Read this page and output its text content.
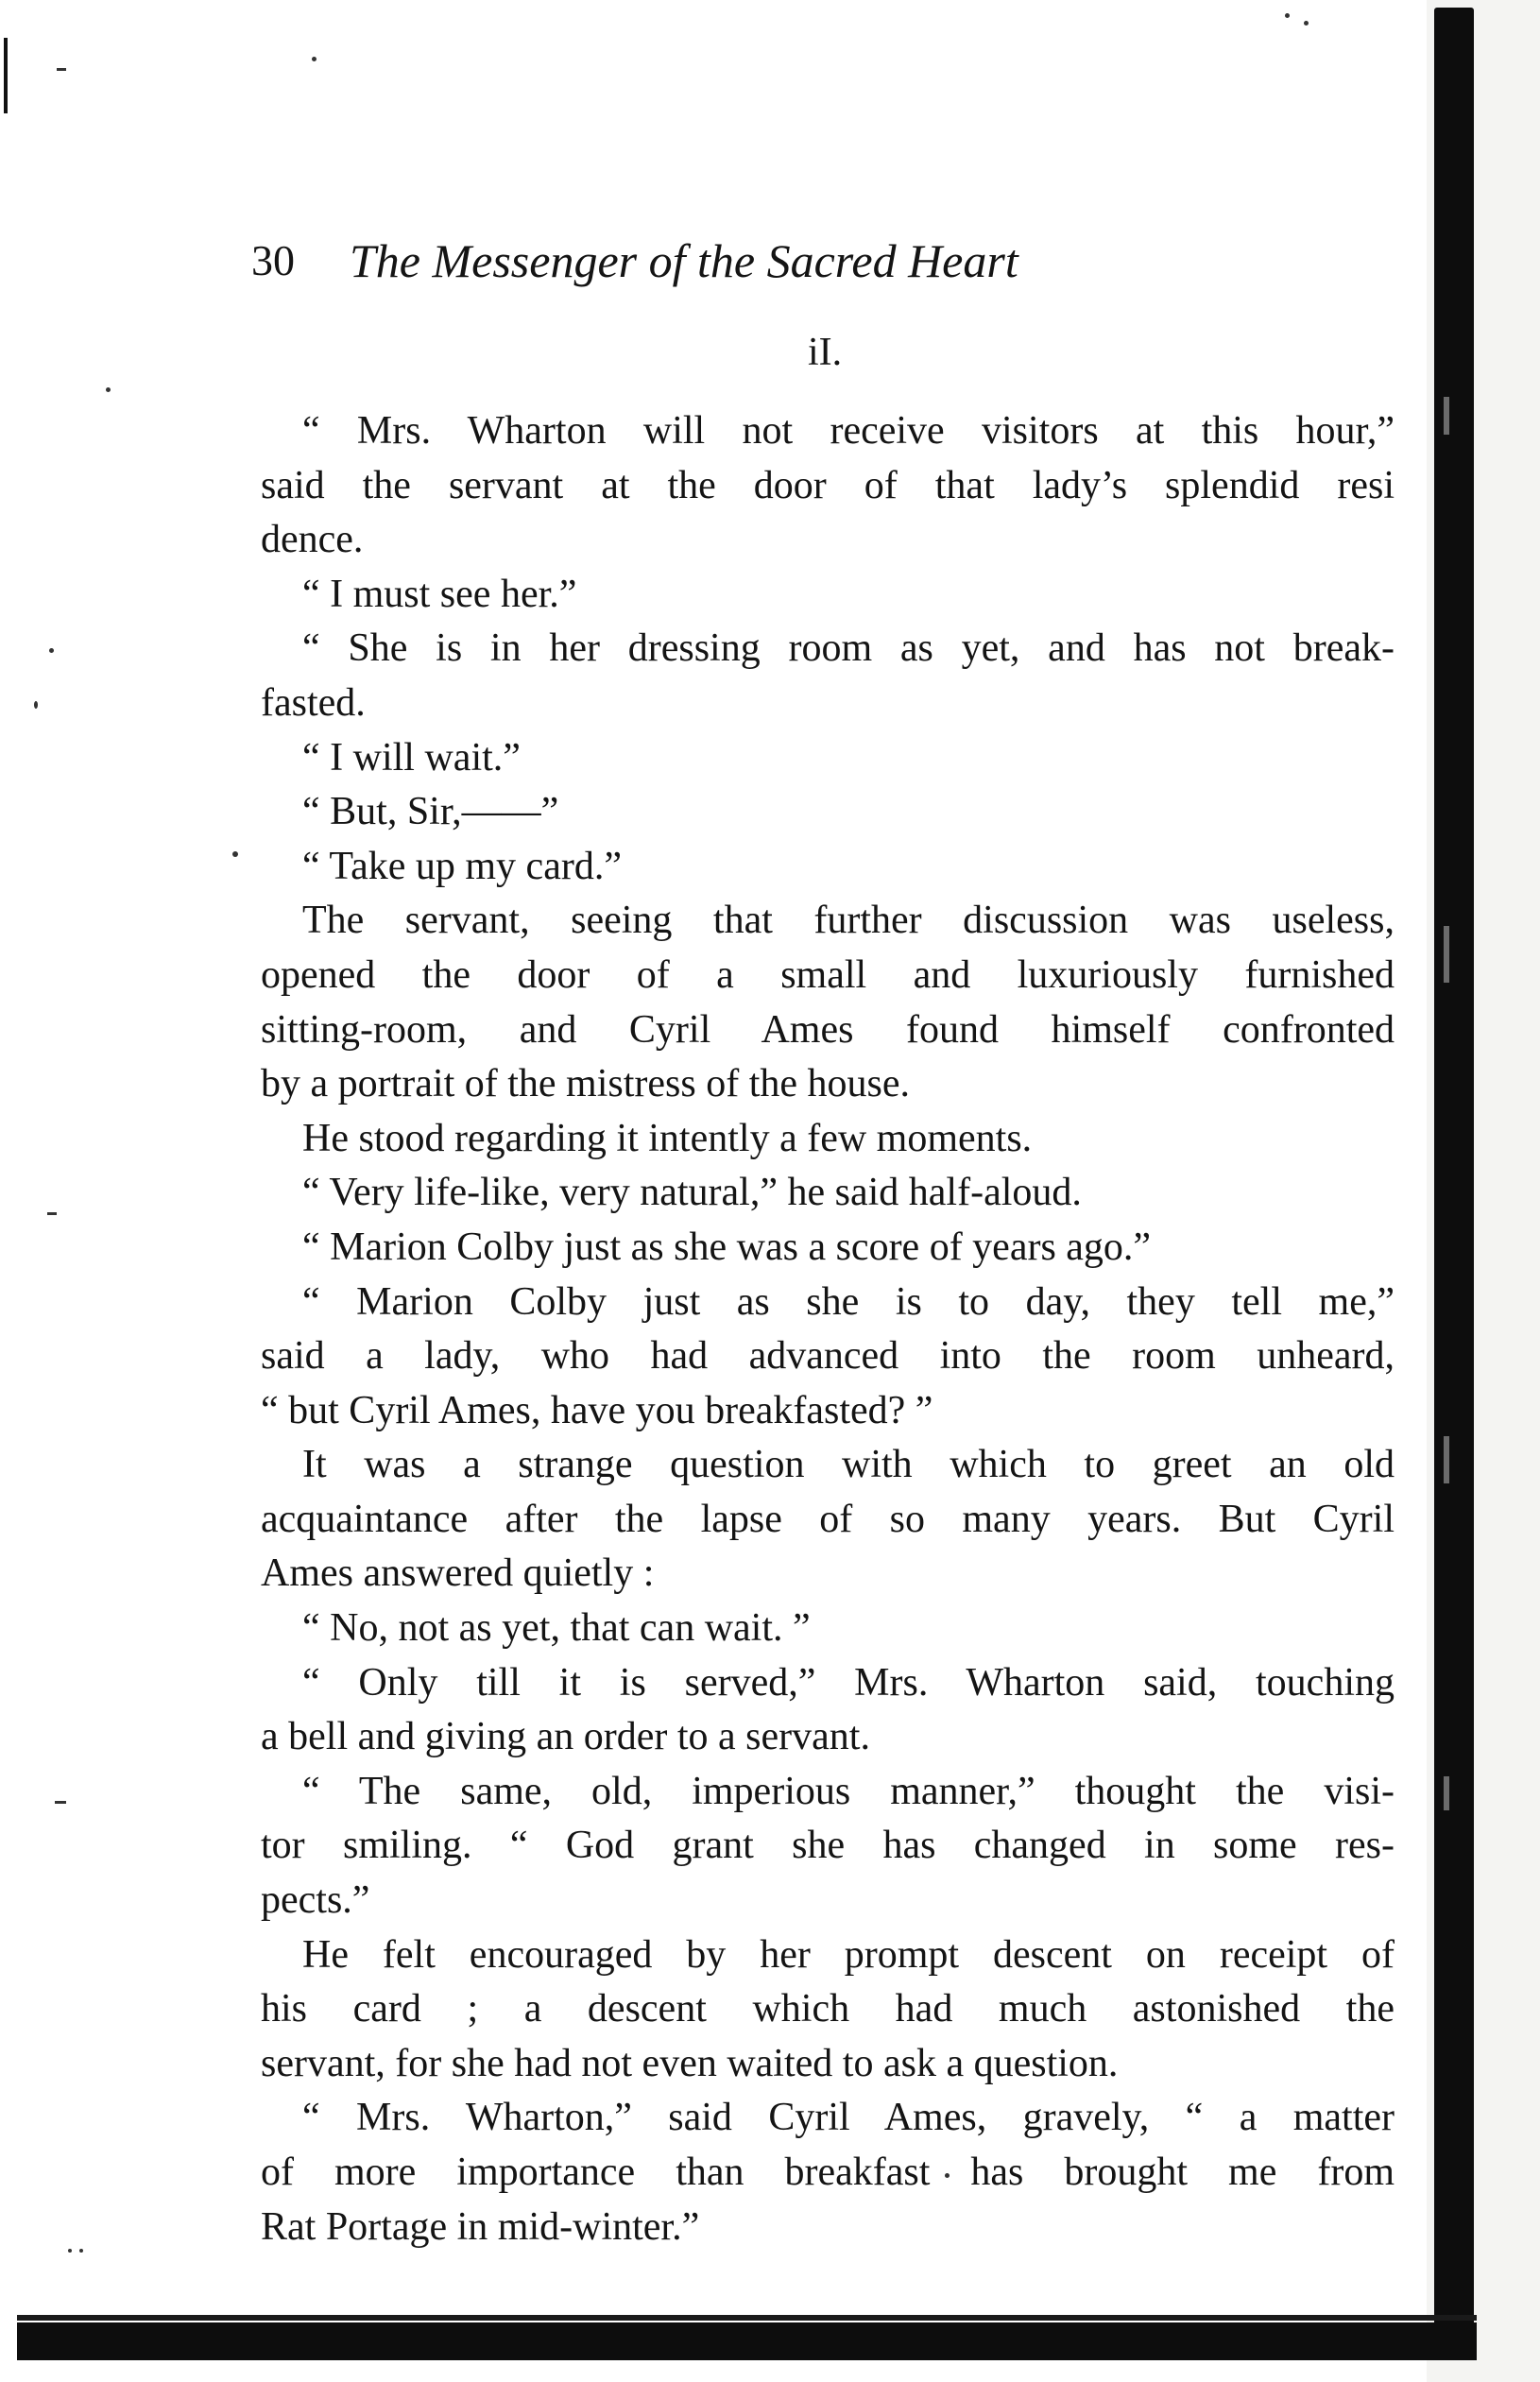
30 The Messenger of the Sacred Heart
iI.
“ Mrs. Wharton will not receive visitors at this hour,”
said the servant at the door of that lady’s splendid resi
dence.
“ I must see her.”
“ She is in her dressing room as yet, and has not break-
fasted.
“ I will wait.”
“ But, Sir,——”
“ Take up my card.”
The servant, seeing that further discussion was useless,
opened the door of a small and luxuriously furnished
sitting-room, and Cyril Ames found himself confronted
by a portrait of the mistress of the house.
He stood regarding it intently a few moments.
“ Very life-like, very natural,” he said half-aloud.
“ Marion Colby just as she was a score of years ago.”
“ Marion Colby just as she is to day, they tell me,”
said a lady, who had advanced into the room unheard,
“ but Cyril Ames, have you breakfasted? ”
It was a strange question with which to greet an old
acquaintance after the lapse of so many years. But Cyril
Ames answered quietly :
“ No, not as yet, that can wait. ”
“ Only till it is served,” Mrs. Wharton said, touching
a bell and giving an order to a servant.
“ The same, old, imperious manner,” thought the visi-
tor smiling. “ God grant she has changed in some res-
pects.”
He felt encouraged by her prompt descent on receipt of
his card ; a descent which had much astonished the
servant, for she had not even waited to ask a question.
“ Mrs. Wharton,” said Cyril Ames, gravely, “ a matter
of more importance than breakfast has brought me from
Rat Portage in mid-winter.”
